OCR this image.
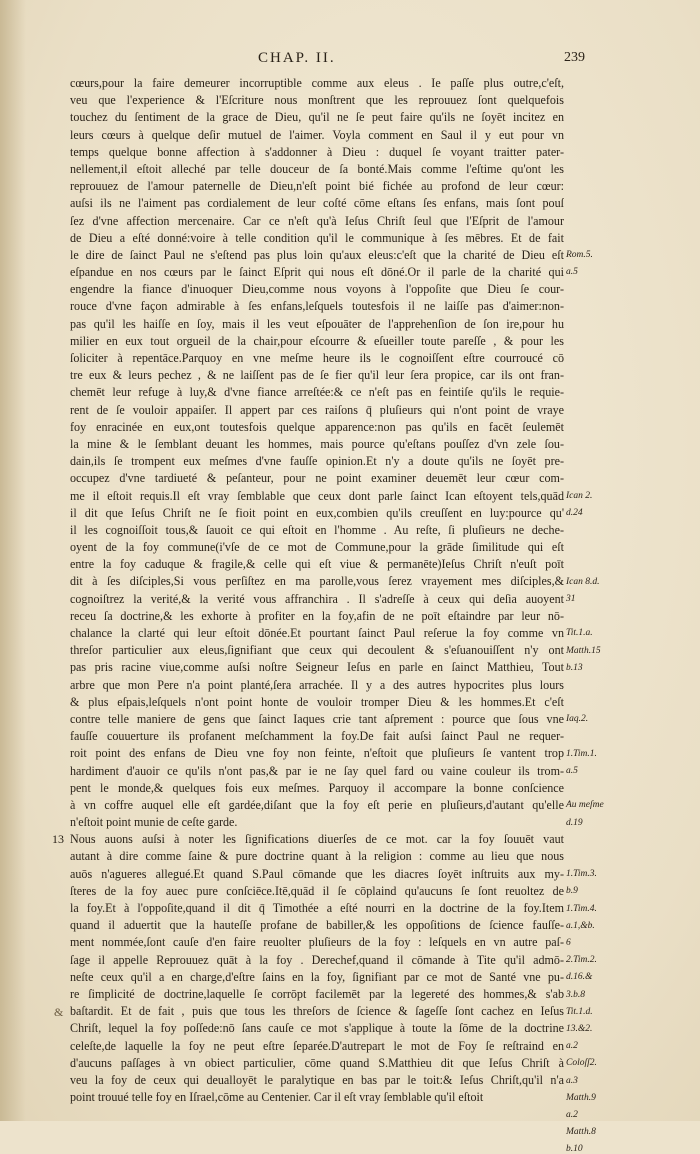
CHAP. II.	239
cœurs,pour la faire demeurer incorruptible comme aux eleus . Ie paſſe plus outre,c'eſt,
veu que l'experience & l'Eſcriture nous monſtrent que les reprouuez ſont quelquefois
touchez du ſentiment de la grace de Dieu, qu'il ne ſe peut faire qu'ils ne ſoyēt incitez en
leurs cœurs à quelque deſir mutuel de l'aimer. Voyla comment en Saul il y eut pour vn
temps quelque bonne affection à s'addonner à Dieu : duquel ſe voyant traitter pater-
nellement,il eſtoit alleché par telle douceur de ſa bonté.Mais comme l'eſtime qu'ont les
reprouuez de l'amour paternelle de Dieu,n'eſt point bié fichée au profond de leur cœur:
auſsi ils ne l'aiment pas cordialement de leur coſté cōme eſtans ſes enfans, mais ſont pouſ
ſez d'vne affection mercenaire. Car ce n'eſt qu'à Ieſus Chriſt ſeul que l'Eſprit de l'amour
de Dieu a eſté donné:voire à telle condition qu'il le communique à ſes mēbres. Et de fait
le dire de ſainct Paul ne s'eſtend pas plus loin qu'aux eleus:c'eſt que la charité de Dieu eſt
eſpandue en nos cœurs par le ſainct Eſprit qui nous eſt dōné.Or il parle de la charité qui
engendre la fiance d'inuoquer Dieu,comme nous voyons à l'oppoſite que Dieu ſe cour-
rouce d'vne façon admirable à ſes enfans,leſquels toutesfois il ne laiſſe pas d'aimer:non-
pas qu'il les haiſſe en ſoy, mais il les veut eſpouāter de l'apprehenſion de ſon ire,pour hu
milier en eux tout orgueil de la chair,pour eſcourre & eſueiller toute pareſſe , & pour les
ſoliciter à repentāce.Parquoy en vne meſme heure ils le cognoiſſent eſtre courroucé cō
tre eux & leurs pechez , & ne laiſſent pas de ſe fier qu'il leur ſera propice, car ils ont fran-
chemēt leur refuge à luy,& d'vne fiance arreſtée:& ce n'eſt pas en feintiſe qu'ils le requie-
rent de ſe vouloir appaiſer. Il appert par ces raiſons q̄ pluſieurs qui n'ont point de vraye
foy enracinée en eux,ont toutesfois quelque apparence:non pas qu'ils en facēt ſeulemēt
la mine & le ſemblant deuant les hommes, mais pource qu'eſtans pouſſez d'vn zele ſou-
dain,ils ſe trompent eux meſmes d'vne fauſſe opinion.Et n'y a doute qu'ils ne ſoyēt pre-
occupez d'vne tardiueté & peſanteur, pour ne point examiner deuemēt leur cœur com-
me il eſtoit requis.Il eſt vray ſemblable que ceux dont parle ſainct Ican eſtoyent tels,quād
il dit que Ieſus Chriſt ne ſe fioit point en eux,combien qu'ils creuſſent en luy:pource qu'
il les cognoiſſoit tous,& ſauoit ce qui eſtoit en l'homme . Au reſte, ſi pluſieurs ne deche-
oyent de la foy commune(i'vſe de ce mot de Commune,pour la grāde ſimilitude qui eſt
entre la foy caduque & fragile,& celle qui eſt viue & permanēte)Ieſus Chriſt n'euſt poīt
dit à ſes diſciples,Si vous perſiſtez en ma parolle,vous ſerez vrayement mes diſciples,&
cognoiſtrez la verité,& la verité vous affranchira . Il s'adreſſe à ceux qui deſia auoyent
receu ſa doctrine,& les exhorte à profiter en la foy,afin de ne poīt eſtaindre par leur nō-
chalance la clarté qui leur eſtoit dōnée.Et pourtant ſainct Paul reſerue la foy comme vn
threſor particulier aux eleus,ſignifiant que ceux qui decoulent & s'eſuanouiſſent n'y ont
pas pris racine viue,comme auſsi noſtre Seigneur Ieſus en parle en ſainct Matthieu, Tout
arbre que mon Pere n'a point planté,ſera arrachée. Il y a des autres hypocrites plus lours
& plus eſpais,leſquels n'ont point honte de vouloir tromper Dieu & les hommes.Et c'eſt
contre telle maniere de gens que ſainct Iaques crie tant aſprement : pource que ſous vne
fauſſe couuerture ils profanent meſchamment la foy.De fait auſsi ſainct Paul ne requer-
roit point des enfans de Dieu vne foy non feinte, n'eſtoit que pluſieurs ſe vantent trop
hardiment d'auoir ce qu'ils n'ont pas,& par ie ne ſay quel fard ou vaine couleur ils trom-
pent le monde,& quelques fois eux meſmes. Parquoy il accompare la bonne conſcience
à vn coffre auquel elle eſt gardée,diſant que la foy eſt perie en pluſieurs,d'autant qu'elle
n'eſtoit point munie de ceſte garde.
Nous auons auſsi à noter les ſignifications diuerſes de ce mot. car la foy ſouuēt vaut
autant à dire comme ſaine & pure doctrine quant à la religion : comme au lieu que nous
auōs n'agueres allegué.Et quand S.Paul cōmande que les diacres ſoyēt inſtruits aux my-
ſteres de la foy auec pure conſciēce.Itē,quād il ſe cōplaind qu'aucuns ſe ſont reuoltez de
la foy.Et à l'oppoſite,quand il dit q̄ Timothée a eſté nourri en la doctrine de la foy.Item
quand il aduertit que la hauteſſe profane de babiller,& les oppoſitions de ſcience fauſſe-
ment nommée,ſont cauſe d'en faire reuolter pluſieurs de la foy : leſquels en vn autre paſ-
ſage il appelle Reprouuez quāt à la foy . Derechef,quand il cōmande à Tite qu'il admō-
neſte ceux qu'il a en charge,d'eſtre ſains en la foy, ſignifiant par ce mot de Santé vne pu-
re ſimplicité de doctrine,laquelle ſe corrōpt facilemēt par la legereté des hommes,& s'ab
baſtardit. Et de fait , puis que tous les threſors de ſcience & ſageſſe ſont cachez en Ieſus
Chriſt, lequel la foy poſſede:nō ſans cauſe ce mot s'applique à toute la ſōme de la doctrine
celeſte,de laquelle la foy ne peut eſtre ſeparée.D'autrepart le mot de Foy ſe reſtraind en
d'aucuns paſſages à vn obiect particulier, cōme quand S.Matthieu dit que Ieſus Chriſt à
veu la foy de ceux qui deualloyēt le paralytique en bas par le toit:& Ieſus Chriſt,qu'il n'a
point trouué telle foy en Iſrael,cōme au Centenier. Car il eſt vray ſemblable qu'il eſtoit
Rom.5.
a.5
Ican 2.
d.24
Ican 8.d.
31
Tit.1.a.
Matth.15
b.13
Iaq.2.
1.Tim.1.
a.5
Au meſme
d.19
1.Tim.3.
b.9
1.Tim.4.
a.1,&b.
6
2.Tim.2.
d.16.&
3.b.8
Tit.1.d.
13.&2.
a.2
Coloſſ2.
a.3
Matth.9
a.2
Matth.8
b.10
13
&
